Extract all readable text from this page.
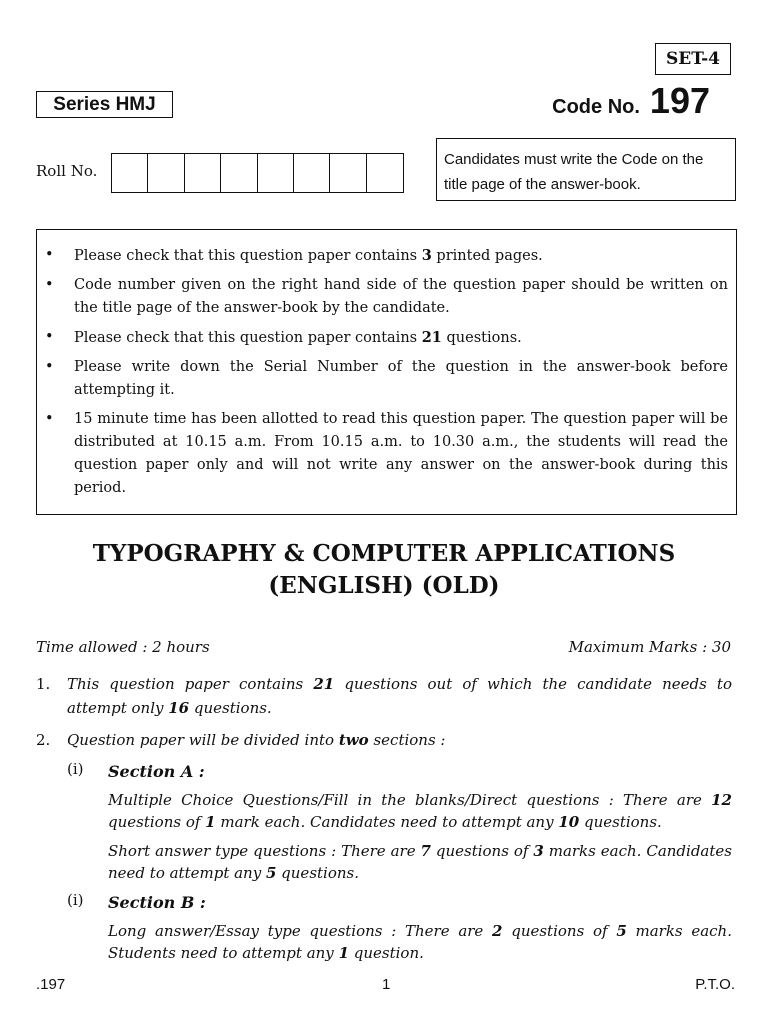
SET-4
Series HMJ	Code No. 197
Roll No.
Candidates must write the Code on the title page of the answer-book.
• Please check that this question paper contains 3 printed pages.
• Code number given on the right hand side of the question paper should be written on the title page of the answer-book by the candidate.
• Please check that this question paper contains 21 questions.
• Please write down the Serial Number of the question in the answer-book before attempting it.
• 15 minute time has been allotted to read this question paper. The question paper will be distributed at 10.15 a.m. From 10.15 a.m. to 10.30 a.m., the students will read the question paper only and will not write any answer on the answer-book during this period.
TYPOGRAPHY & COMPUTER APPLICATIONS
(ENGLISH) (OLD)
Time allowed : 2 hours	Maximum Marks : 30
1. This question paper contains 21 questions out of which the candidate needs to attempt only 16 questions.
2. Question paper will be divided into two sections :
(i) Section A :

Multiple Choice Questions/Fill in the blanks/Direct questions : There are 12 questions of 1 mark each. Candidates need to attempt any 10 questions.

Short answer type questions : There are 7 questions of 3 marks each. Candidates need to attempt any 5 questions.

(i) Section B :

Long answer/Essay type questions : There are 2 questions of 5 marks each. Students need to attempt any 1 question.

.197	1	P.T.O.
